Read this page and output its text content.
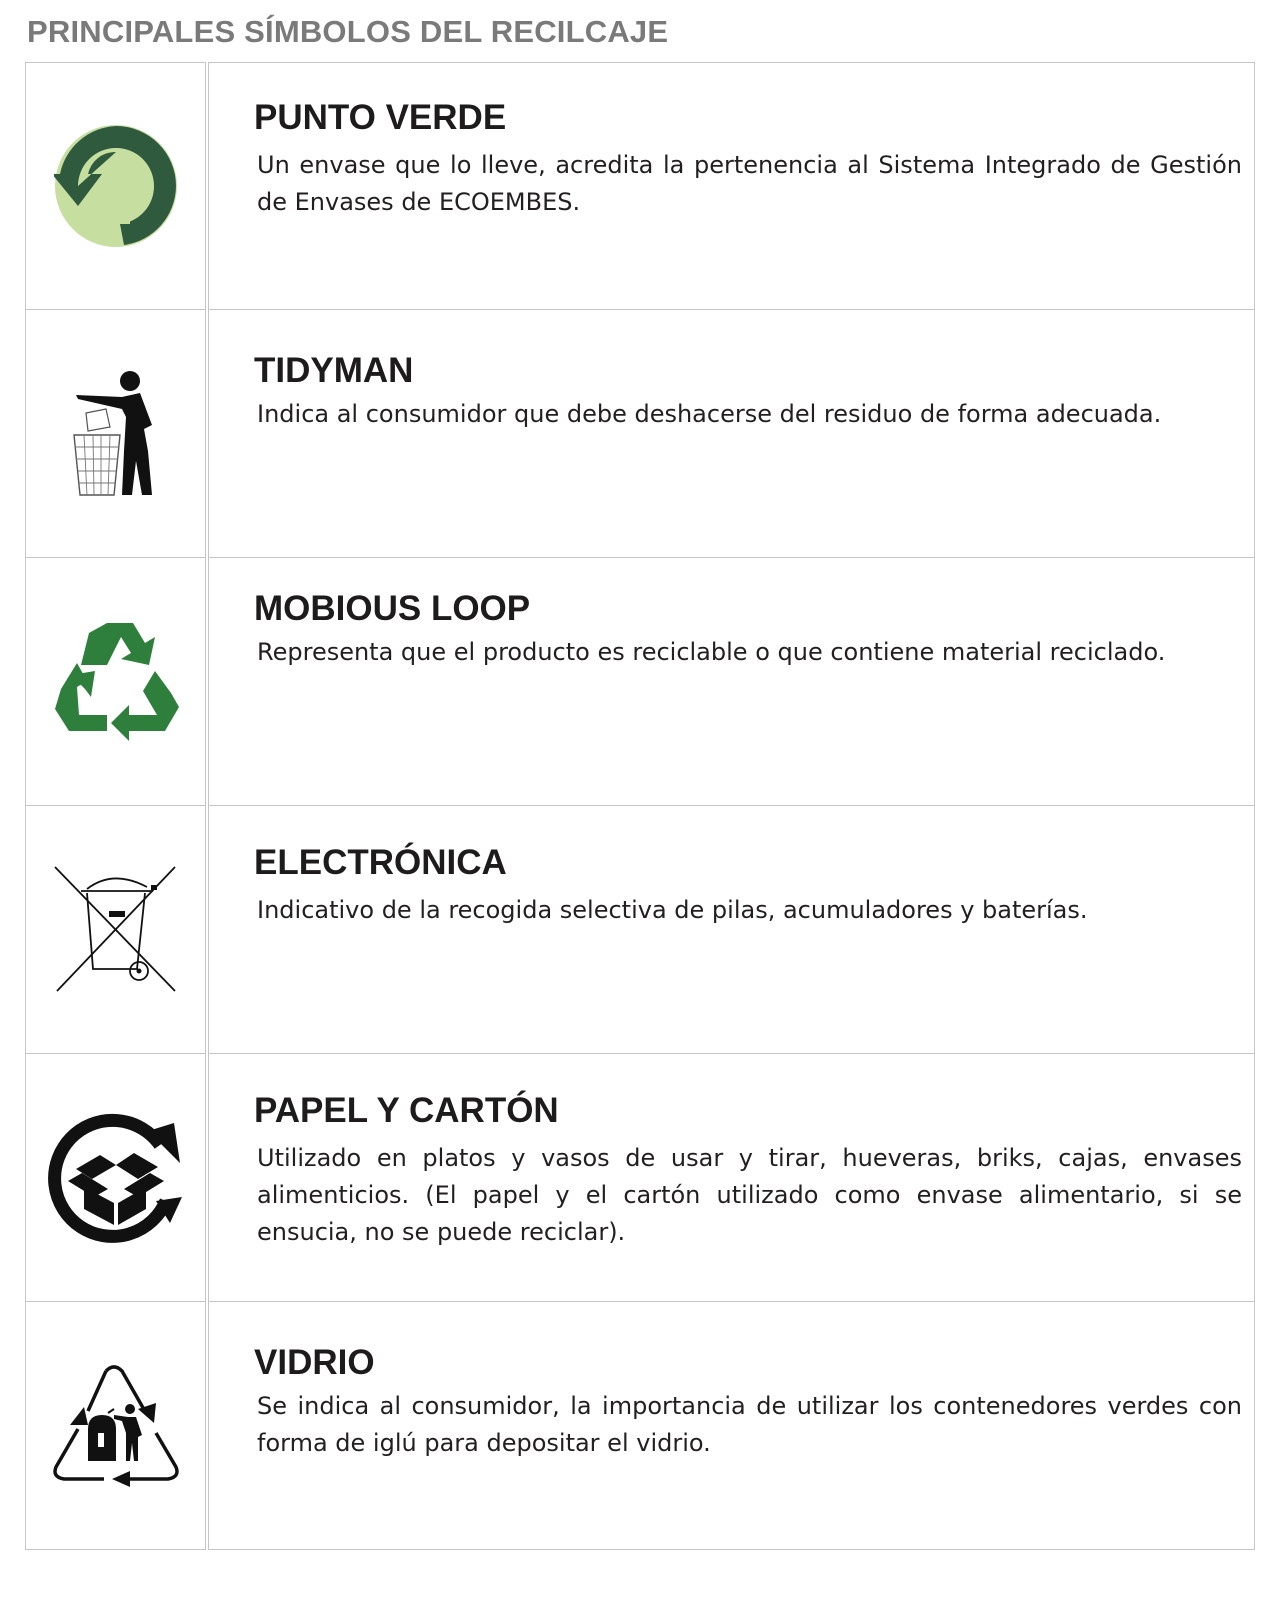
PRINCIPALES SÍMBOLOS DEL RECILCAJE
PUNTO VERDE

Un envase que lo lleve, acredita la pertenencia al Sistema Integrado de Gestión de Envases de ECOEMBES.

TIDYMAN

Indica al consumidor que debe deshacerse del residuo de forma adecuada.

MOBIOUS LOOP

Representa que el producto es reciclable o que contiene material reciclado.

ELECTRÓNICA

Indicativo de la recogida selectiva de pilas, acumuladores y baterías.

PAPEL Y CARTÓN

Utilizado en platos y vasos de usar y tirar, hueveras, briks, cajas, envases alimenticios. (El papel y el cartón utilizado como envase alimentario, si se ensucia, no se puede reciclar).

VIDRIO

Se indica al consumidor, la importancia de utilizar los contenedores verdes con forma de iglú para depositar el vidrio.
